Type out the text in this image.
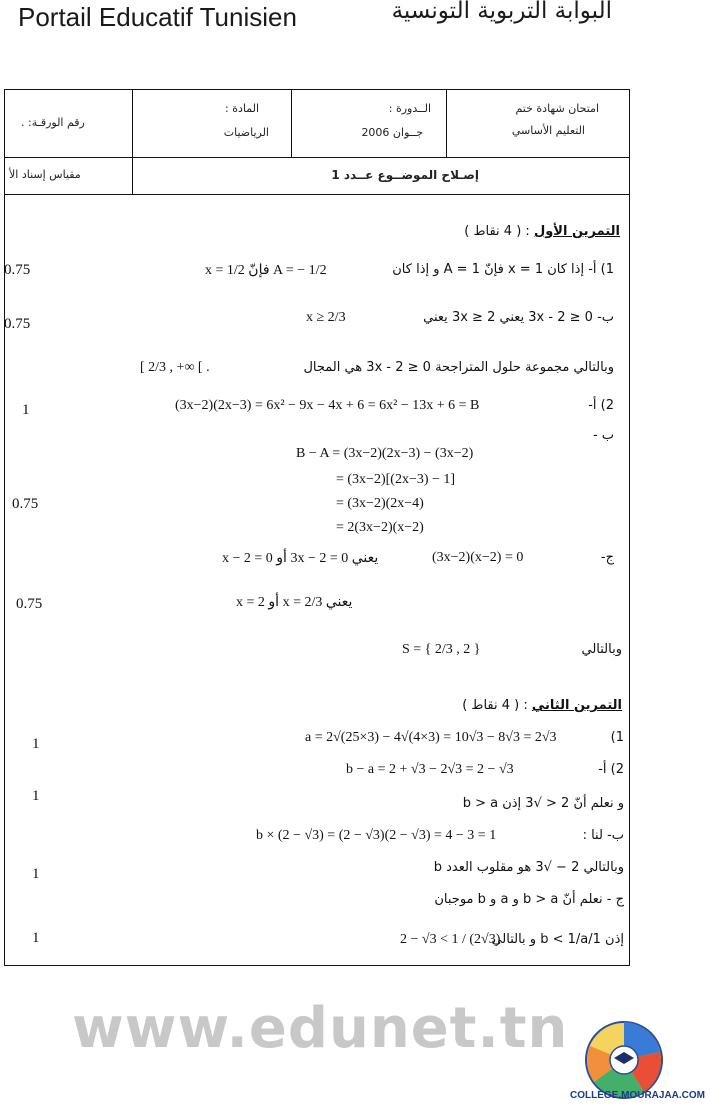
Portail Educatif Tunisien	البوابة التربوية التونسية
امتحان شهادة ختم
التعليم الأساسي
الــدورة :
جــوان 2006
المادة :
الرياضيات
رقم الورقـة: .
إصـلاح الموضــوع عــدد 1
مقياس إسناد الأ
0.75
0.75
1
0.75
0.75
1
1
1
1
التمرين الأول : ( 4 نقاط )
1) أ- إذا كان x = 1 فإنّ A = 1 و إذا كان
x = 1/2 فإنّ A = − 1/2
ب- 0 ≤ 3x - 2 يعني 2 ≤ 3x يعني
x ≥ 2/3
وبالتالي مجموعة حلول المتراجحة 0 ≤ 3x - 2 هي المجال
[ 2/3 , +∞ [ .
2) أ-
(3x−2)(2x−3) = 6x² − 9x − 4x + 6 = 6x² − 13x + 6 = B
ب -
B − A = (3x−2)(2x−3) − (3x−2)
= (3x−2)[(2x−3) − 1]
= (3x−2)(2x−4)
= 2(3x−2)(x−2)
ج-
(3x−2)(x−2) = 0
يعني 3x − 2 = 0 أو x − 2 = 0
يعني x = 2/3 أو x = 2
وبالتالي
S = { 2/3 , 2 }
التمرين الثاني : ( 4 نقاط )
(1
a = 2√(25×3) − 4√(4×3) = 10√3 − 8√3 = 2√3
2) أ-
b − a = 2 + √3 − 2√3 = 2 − √3
و نعلم أنّ 2 < √3 إذن b > a
ب- لنا :
b × (2 − √3) = (2 − √3)(2 − √3) = 4 − 3 = 1
وبالتالي 2 − √3 هو مقلوب العدد b
ج - نعلم أنّ b > a و a و b موجبان
إذن 1/b < 1/a و بالتالي
2 − √3 < 1 / (2√3)
www.edunet.tn
COLLEGE.MOURAJAA.COM
